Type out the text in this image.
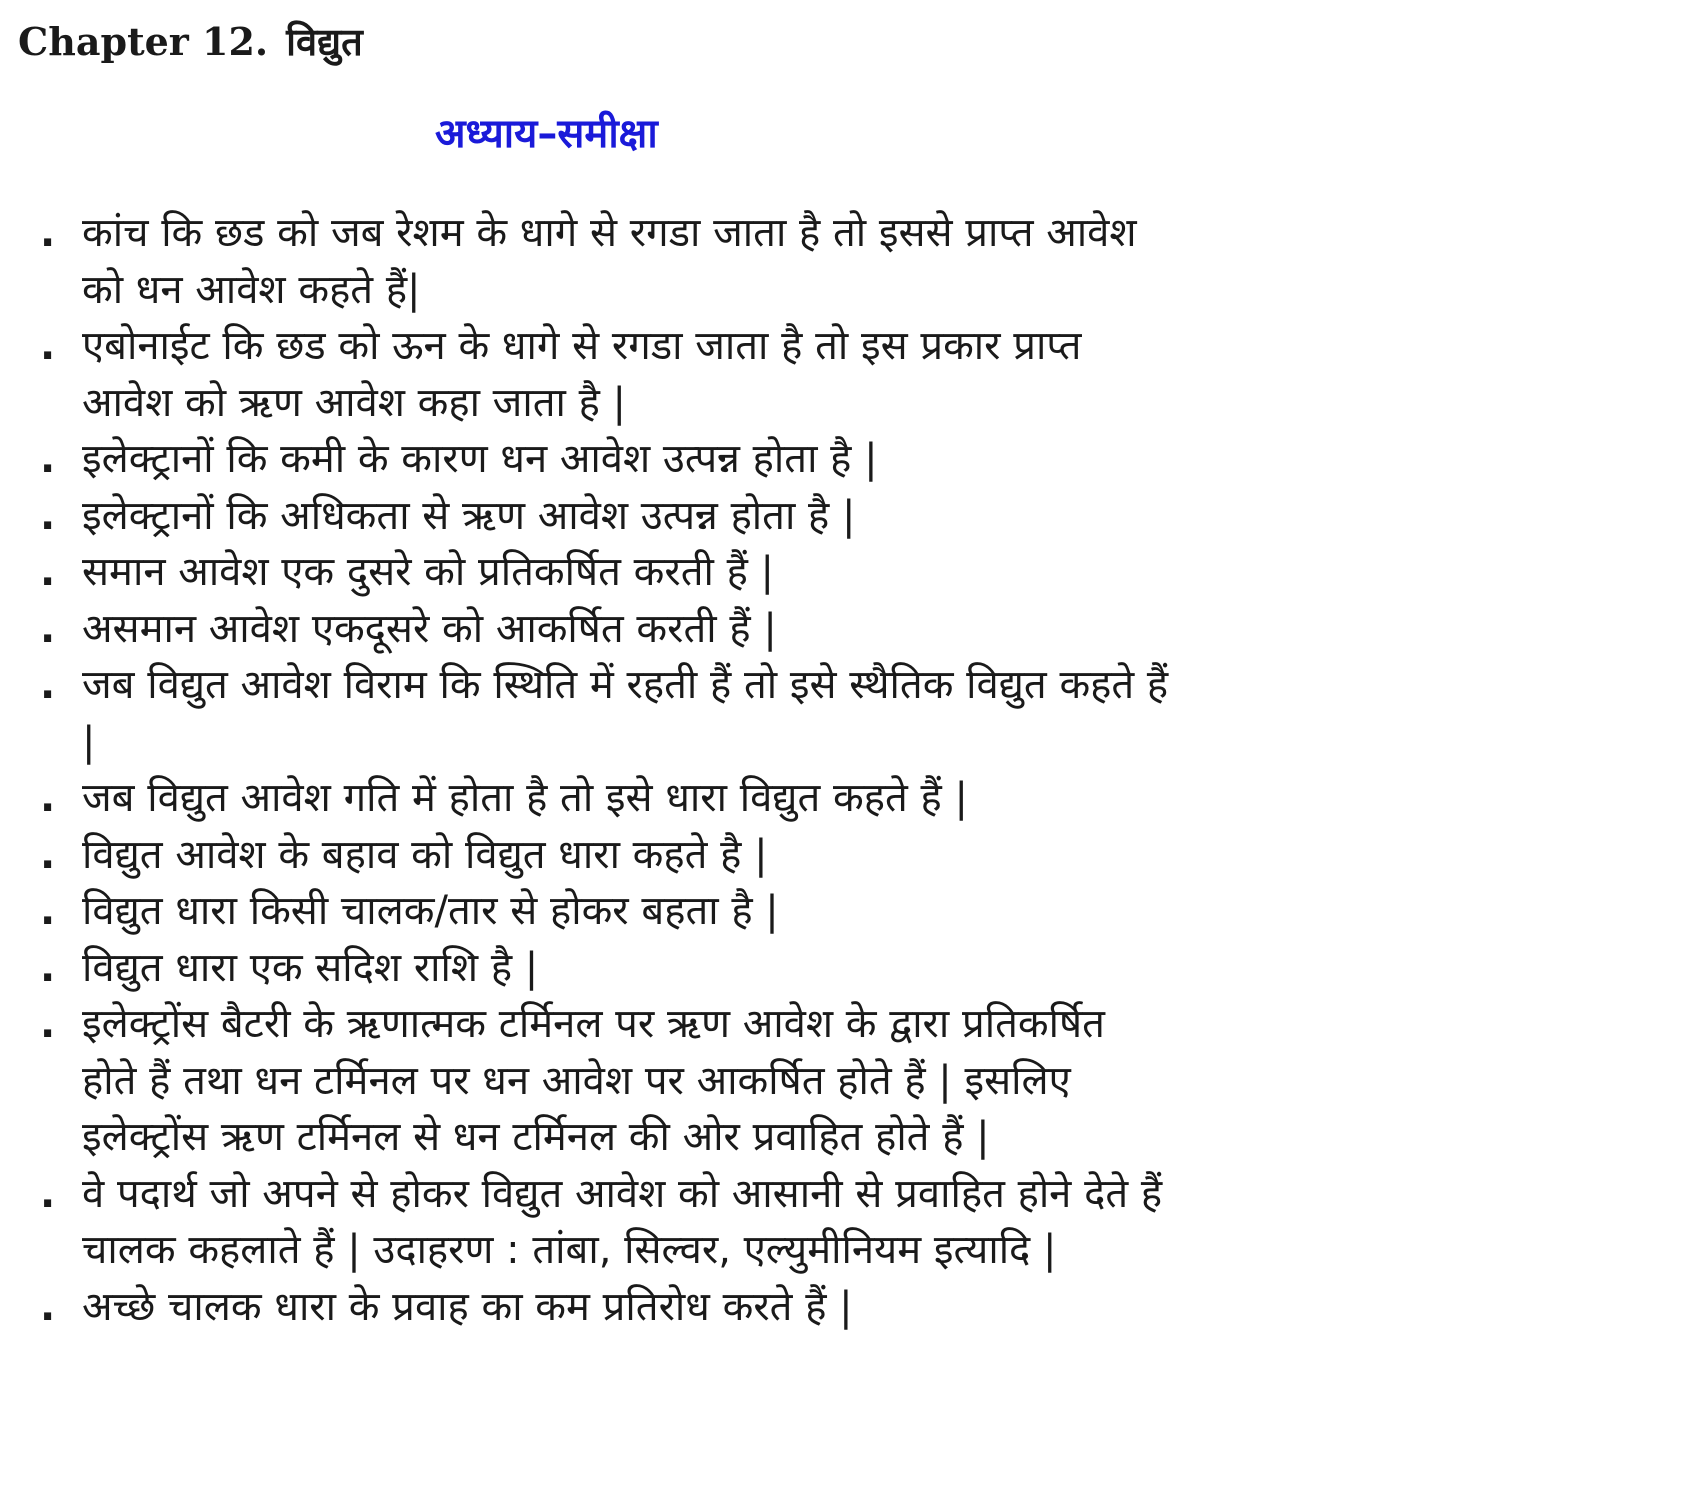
Chapter 12. विद्युत
अध्याय–समीक्षा
. कांच कि छड को जब रेशम के धागे से रगडा जाता है तो इससे प्राप्त आवेश को धन आवेश कहते हैं|
. एबोनाईट कि छड को ऊन के धागे से रगडा जाता है तो इस प्रकार प्राप्त आवेश को ऋण आवेश कहा जाता है |
. इलेक्ट्रानों कि कमी के कारण धन आवेश उत्पन्न होता है |
. इलेक्ट्रानों कि अधिकता से ऋण आवेश उत्पन्न होता है |
. समान आवेश एक दुसरे को प्रतिकर्षित करती हैं |
. असमान आवेश एकदूसरे को आकर्षित करती हैं |
. जब विद्युत आवेश विराम कि स्थिति में रहती हैं तो इसे स्थैतिक विद्युत कहते हैं |
. जब विद्युत आवेश गति में होता है तो इसे धारा विद्युत कहते हैं |
. विद्युत आवेश के बहाव को विद्युत धारा कहते है |
. विद्युत धारा किसी चालक/तार से होकर बहता है |
. विद्युत धारा एक सदिश राशि है |
. इलेक्ट्रोंस बैटरी के ऋणात्मक टर्मिनल पर ऋण आवेश के द्वारा प्रतिकर्षित होते हैं तथा धन टर्मिनल पर धन आवेश पर आकर्षित होते हैं | इसलिए इलेक्ट्रोंस ऋण टर्मिनल से धन टर्मिनल की ओर प्रवाहित होते हैं |
. वे पदार्थ जो अपने से होकर विद्युत आवेश को आसानी से प्रवाहित होने देते हैं चालक कहलाते हैं | उदाहरण : तांबा, सिल्वर, एल्युमीनियम इत्यादि |
. अच्छे चालक धारा के प्रवाह का कम प्रतिरोध करते हैं |
